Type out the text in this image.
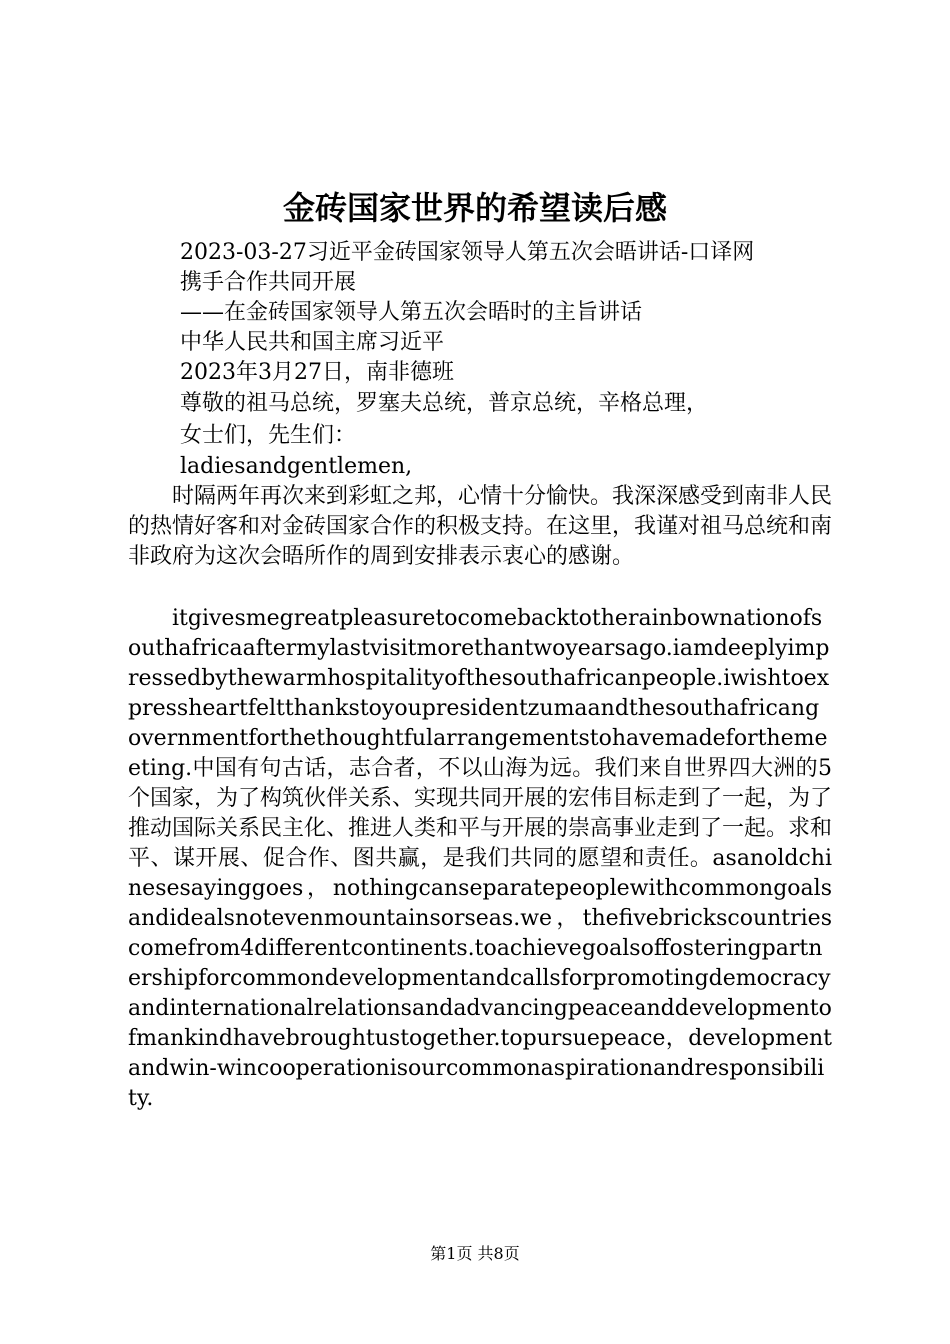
金砖国家世界的希望读后感

2023-03-27习近平金砖国家领导人第五次会晤讲话-口译网

携手合作共同开展

——在金砖国家领导人第五次会晤时的主旨讲话

中华人民共和国主席习近平

2023年3月27日，南非德班

尊敬的祖马总统，罗塞夫总统，普京总统，辛格总理，

女士们，先生们：

ladiesandgentlemen,

时隔两年再次来到彩虹之邦，心情十分愉快。我深深感受到南非人民的热情好客和对金砖国家合作的积极支持。在这里，我谨对祖马总统和南非政府为这次会晤所作的周到安排表示衷心的感谢。

itgivesmegreatpleasuretocomebacktotherainbownationofsouthafricaaftermylastvisitmorethantwoyearsago.iamdeeplyimpressedbythewarmhospitalityofthesouthafricanpeople.iwishtoexpressheartfeltthankstoyoupresidentzumaandthesouthafricangovernmentforthethoughtfularrangementstohavemadeforthemeeting.中国有句古话，志合者，不以山海为远。我们来自世界四大洲的5个国家，为了构筑伙伴关系、实现共同开展的宏伟目标走到了一起，为了推动国际关系民主化、推进人类和平与开展的崇高事业走到了一起。求和平、谋开展、促合作、图共赢，是我们共同的愿望和责任。asanoldchinesesayinggoes，nothingcanseparatepeoplewithcommongoalsandidealsnotevenmountainsorseas.we，thefivebrickscountriescomefrom4differentcontinents.toachievegoalsoffosteringpartnershipforcommondevelopmentandcallsforpromotingdemocracyandinternationalrelationsandadvancingpeaceanddevelopmentofmankindhavebroughtustogether.topursuepeace，developmentandwin-wincooperationisourcommonaspirationandresponsibility.

第1页 共8页
